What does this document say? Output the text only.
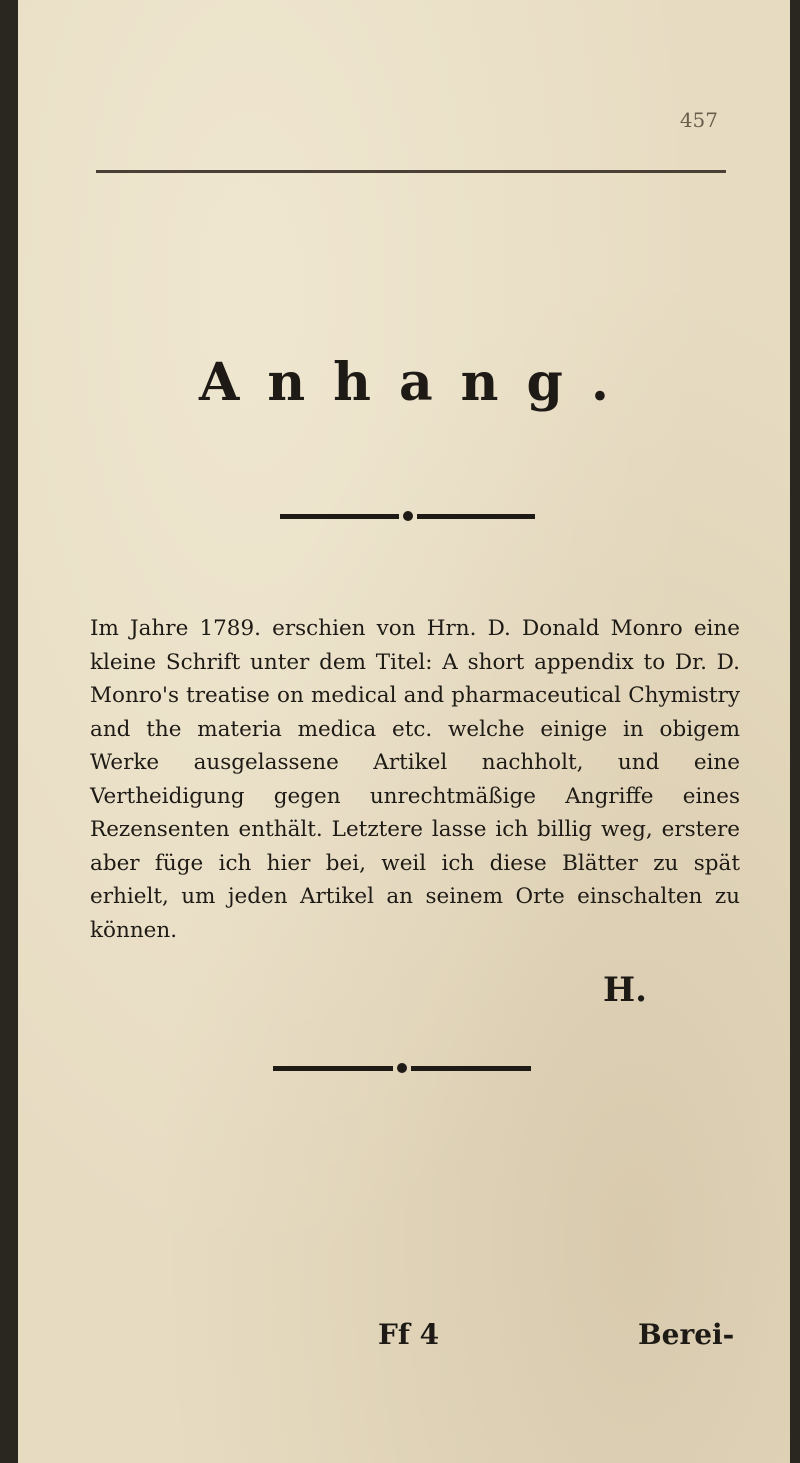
457
Anhang.

Im Jahre 1789. erschien von Hrn. D. Donald Monro eine kleine Schrift unter dem Titel: A short appendix to Dr. D. Monro's treatise on medical and pharmaceutical Chymistry and the materia medica etc. welche einige in obigem Werke ausgelassene Artikel nachholt, und eine Vertheidigung gegen unrechtmäßige Angriffe eines Rezensenten enthält. Letztere lasse ich billig weg, erstere aber füge ich hier bei, weil ich diese Blätter zu spät erhielt, um jeden Artikel an seinem Orte einschalten zu können.

H.
Ff 4	Berei-
